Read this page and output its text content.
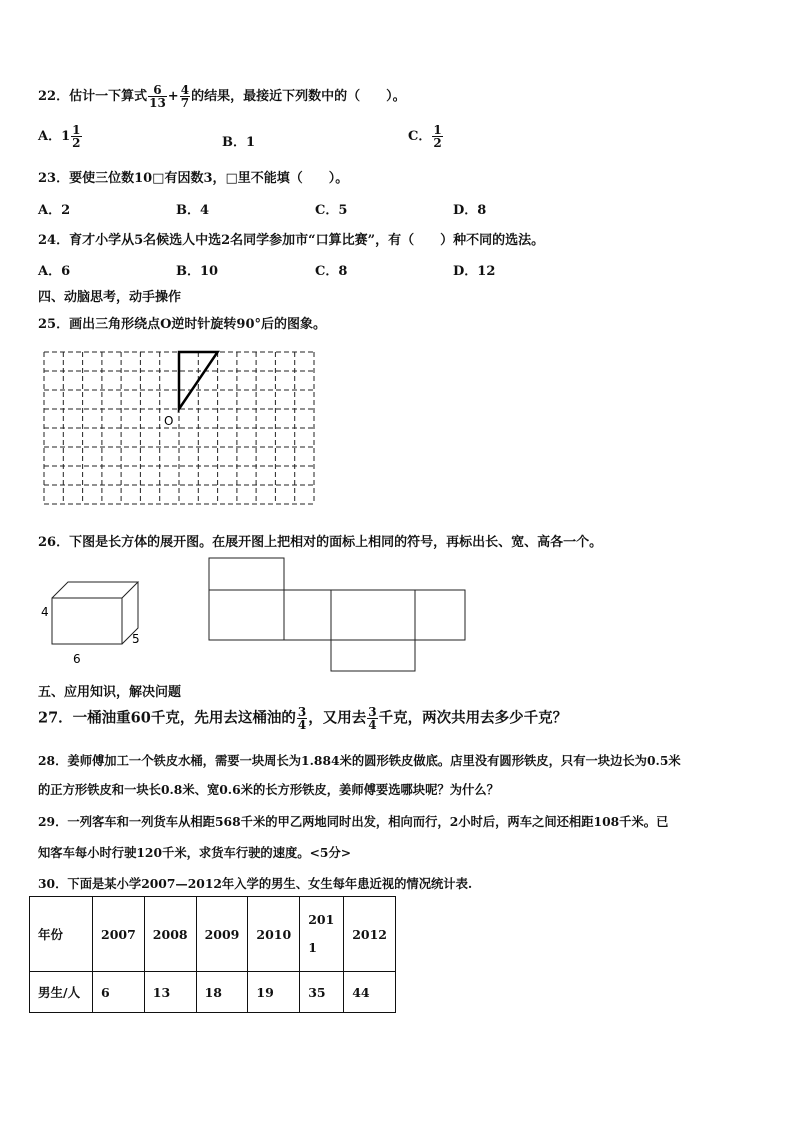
22．估计一下算式 $\frac{6}{13} + \frac{4}{7}$ 的结果，最接近下列数中的（　　）。
A． $1 \frac{1}{2}$	B．1	C． $\frac{1}{2}$
23．要使三位数10□有因数3，□里不能填（　　）。
A．2	B．4	C．5	D．8
24．育才小学从5名候选人中选2名同学参加市“口算比赛”，有（　　）种不同的选法。
A．6	B．10	C．8	D．12
四、动脑思考，动手操作
25．画出三角形绕点O逆时针旋转90°后的图象。
O
26．下图是长方体的展开图。在展开图上把相对的面标上相同的符号，再标出长、宽、高各一个。
4
5
6
五、应用知识，解决问题
27．一桶油重60千克，先用去这桶油的 $\frac{3}{4}$ ，又用去 $\frac{3}{4}$ 千克，两次共用去多少千克？
28．姜师傅加工一个铁皮水桶，需要一块周长为1.884米的圆形铁皮做底。店里没有圆形铁皮，只有一块边长为0.5米
的正方形铁皮和一块长0.8米、宽0.6米的长方形铁皮，姜师傅要选哪块呢？为什么？
29．一列客车和一列货车从相距568千米的甲乙两地同时出发，相向而行，2小时后，两车之间还相距108千米。已
知客车每小时行驶120千米，求货车行驶的速度。<5分>
30．下面是某小学2007—2012年入学的男生、女生每年患近视的情况统计表.
年份	2007	2008	2009	2010	2011	2012
男生/人	6	13	18	19	35	44
